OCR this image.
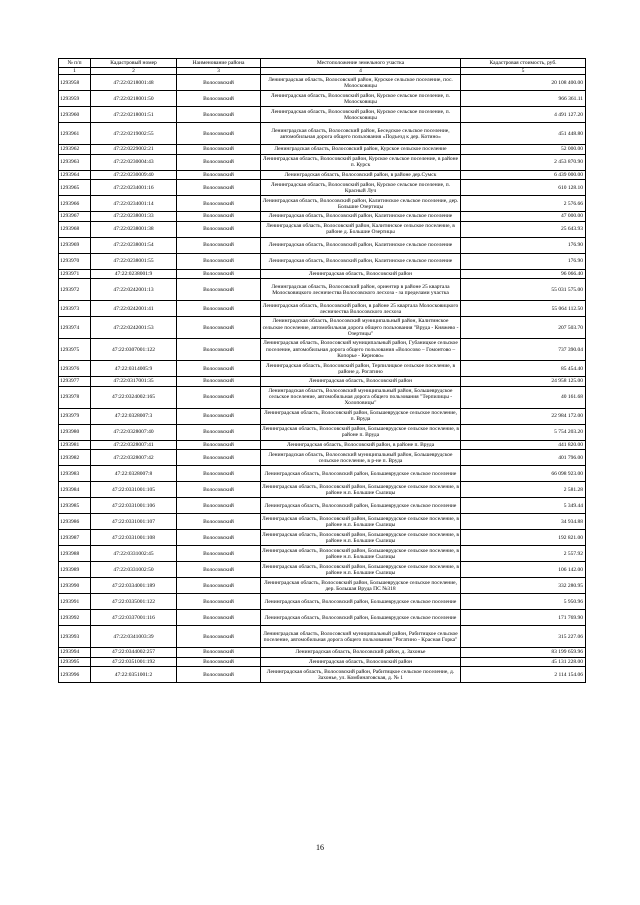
№ п/п	Кадастровый номер	Наименование района	Местоположение земельного участка	Кадастровая стоимость, руб.
1	2	3	4	5
1293958	47:22:0218001:48	Волосовский	Ленинградская область, Волосовский район, Курское сельское поселение, пос. Молосковицы	20 108 400.00
1293959	47:22:0218001:50	Волосовский	Ленинградская область, Волосовский район, Курское сельское поселение, п. Молосковицы	966 361.11
1293960	47:22:0218001:51	Волосовский	Ленинградская область, Волосовский район, Курское сельское поселение, п. Молосковицы	4 491 127.20
1293961	47:22:0219002:55	Волосовский	Ленинградская область, Волосовский район, Беседское сельское поселение, автомобильная дорога общего пользования «Подъезд к дер. Котино»	451 448.80
1293962	47:22:0229002:21	Волосовский	Ленинградская область, Волосовский район, Курское сельское поселение	52 000.00
1293963	47:22:0230004:43	Волосовский	Ленинградская область, Волосовский район, Курское сельское поселение, в районе п. Курск	2 453 870.90
1293964	47:22:0230009:40	Волосовский	Ленинградская область, Волосовский район, в районе дер.Сумск	6 439 000.00
1293965	47:22:0234001:16	Волосовский	Ленинградская область, Волосовский район, Курское сельское поселение, п. Красный Луч	610 128.10
1293966	47:22:0234001:14	Волосовский	Ленинградская область, Волосовский район, Калитинское сельское поселение, дер. Большие Озертицы	2 576.66
1293967	47:22:0238001:33	Волосовский	Ленинградская область, Волосовский район, Калитинское сельское поселение	47 000.00
1293968	47:22:0238001:38	Волосовский	Ленинградская область, Волосовский район, Калитинское сельское поселение, в районе д. Большие Озертицы	25 643.93
1293969	47:22:0238001:54	Волосовский	Ленинградская область, Волосовский район, Калитинское сельское поселение	176.90
1293970	47:22:0238001:55	Волосовский	Ленинградская область, Волосовский район, Калитинское сельское поселение	176.90
1293971	47:22:0238001:9	Волосовский	Ленинградская область, Волосовский район	96 066.40
1293972	47:22:0242001:13	Волосовский	Ленинградская область, Волосовский район, ориентир в районе 25 квартала Молосковицкого лесничества Волосовского лесхоза - за пределами участка	55 031 575.00
1293973	47:22:0242001:41	Волосовский	Ленинградская область, Волосовский район, в районе 25 квартала Молосковицкого лесничества Волосовского лесхоза	55 064 112.50
1293974	47:22:0242001:53	Волосовский	Ленинградская область, Волосовский муниципальный район, Калитинское сельское поселение, автомобильная дорога общего пользования "Вруда - Княжево - Озертицы"	207 503.70
1293975	47:22:0307001:122	Волосовский	Ленинградская область, Волосовский муниципальный район, Губаницкое сельское поселение, автомобильная дорога общего пользования «Волосово – Гомонтово – Копорье - Керново»	737 390.04
1293976	47:22:0314005:9	Волосовский	Ленинградская область, Волосовский район, Терпилицкое сельское поселение, в районе д. Рогатино	85 454.40
1293977	47:22:0317001:35	Волосовский	Ленинградская область, Волосовский район	24 958 125.00
1293978	47:22:0324002:165	Волосовский	Ленинградская область, Волосовский муниципальный район, Большеврудское сельское поселение, автомобильная дорога общего пользования "Терпилицы - Холоповицы"	40 161.68
1293979	47:22:0328007:3	Волосовский	Ленинградская область, Волосовский район, Большеврудское сельское поселение, п. Вруда	22 984 172.00
1293980	47:22:0328007:40	Волосовский	Ленинградская область, Волосовский район, Большеврудское сельское поселение, в районе п. Вруда	5 754 203.20
1293981	47:22:0328007:41	Волосовский	Ленинградская область, Волосовский район, в районе п. Вруда	441 820.00
1293982	47:22:0328007:42	Волосовский	Ленинградская область, Волосовский муниципальный район, Большеврудское сельское поселение, в р-не п. Вруда	401 796.00
1293983	47:22:0328007:8	Волосовский	Ленинградская область, Волосовский район, Большеврудское сельское поселение	66 098 923.00
1293984	47:22:0331001:105	Волосовский	Ленинградская область, Волосовский район, Большеврудское сельское поселение, в районе н.п. Большие Сылицы	2 581.28
1293985	47:22:0331001:106	Волосовский	Ленинградская область, Волосовский район, Большеврудское сельское поселение	5 349.44
1293986	47:22:0331001:107	Волосовский	Ленинградская область, Волосовский район, Большеврудское сельское поселение, в районе н.п. Большие Сылицы	34 934.88
1293987	47:22:0331001:108	Волосовский	Ленинградская область, Волосовский район, Большеврудское сельское поселение, в районе н.п. Большие Сылицы	192 821.00
1293988	47:22:0331002:45	Волосовский	Ленинградская область, Волосовский район, Большеврудское сельское поселение, в районе н.п. Большие Сылицы	2 557.92
1293989	47:22:0331002:50	Волосовский	Ленинградская область, Волосовский район, Большеврудское сельское поселение, в районе н.п. Большие Сылицы	106 142.00
1293990	47:22:0334001:189	Волосовский	Ленинградская область, Волосовский район, Большеврудское сельское поселение, дер. Большая Вруда ПС №318	332 280.95
1293991	47:22:0335001:122	Волосовский	Ленинградская область, Волосовский район, Большеврудское сельское поселение	5 950.96
1293992	47:22:0337001:116	Волосовский	Ленинградская область, Волосовский район, Большеврудское сельское поселение	171 769.90
1293993	47:22:0341003:39	Волосовский	Ленинградская область, Волосовский муниципальный район, Рабитицкое сельское поселение, автомобильная дорога общего пользования "Рогатино - Красная Горка"	315 227.06
1293994	47:22:0344002:257	Волосовский	Ленинградская область, Волосовский район, д. Захонье	83 199 659.96
1293995	47:22:0351001:192	Волосовский	Ленинградская область, Волосовский район	45 131 228.00
1293996	47:22:0351001:2	Волосовский	Ленинградская область, Волосовский район, Рабитицкое сельское поселение, д. Захонье, ул. Комбинатовская, д. № 1	2 114 154.06
16
